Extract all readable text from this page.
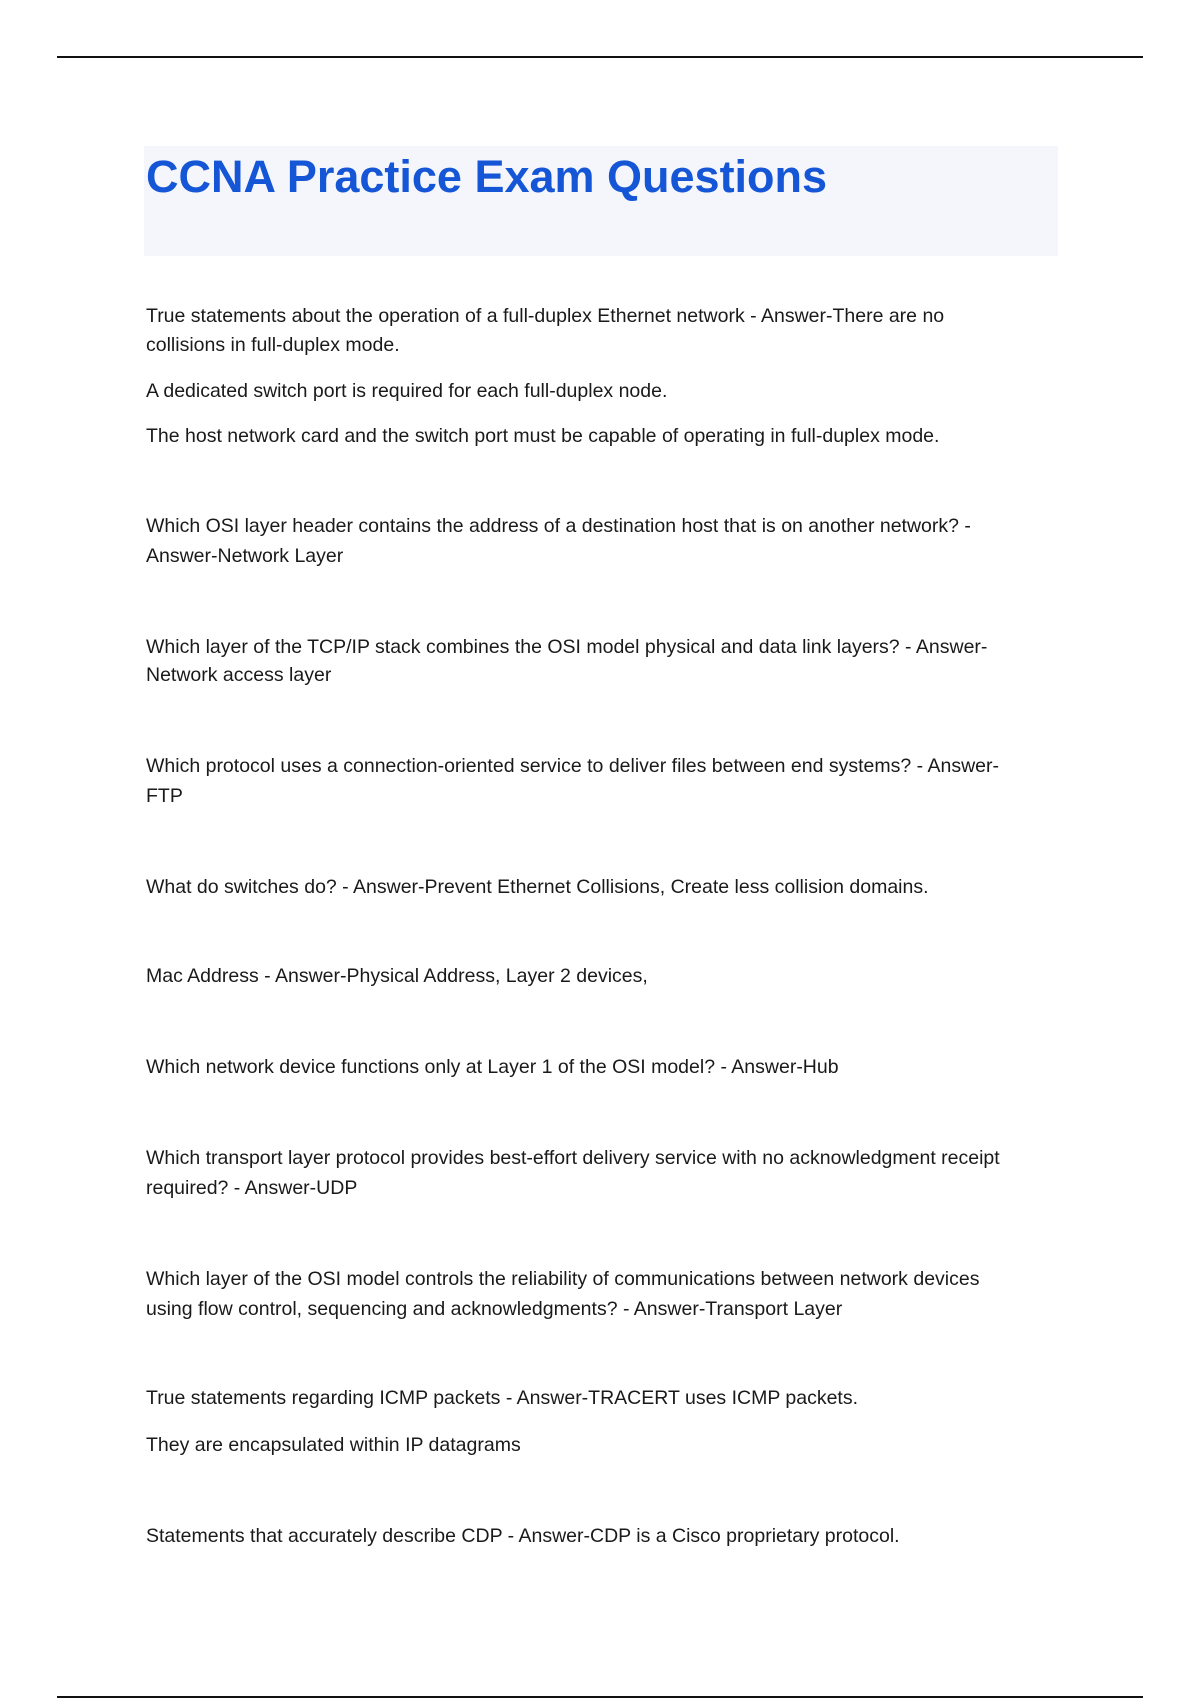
CCNA Practice Exam Questions

True statements about the operation of a full-duplex Ethernet network - Answer-There are no

collisions in full-duplex mode.

A dedicated switch port is required for each full-duplex node.

The host network card and the switch port must be capable of operating in full-duplex mode.

Which OSI layer header contains the address of a destination host that is on another network? -

Answer-Network Layer

Which layer of the TCP/IP stack combines the OSI model physical and data link layers? - Answer-

Network access layer

Which protocol uses a connection-oriented service to deliver files between end systems? - Answer-

FTP

What do switches do? - Answer-Prevent Ethernet Collisions, Create less collision domains.

Mac Address - Answer-Physical Address, Layer 2 devices,

Which network device functions only at Layer 1 of the OSI model? - Answer-Hub

Which transport layer protocol provides best-effort delivery service with no acknowledgment receipt

required? - Answer-UDP

Which layer of the OSI model controls the reliability of communications between network devices

using flow control, sequencing and acknowledgments? - Answer-Transport Layer

True statements regarding ICMP packets - Answer-TRACERT uses ICMP packets.

They are encapsulated within IP datagrams

Statements that accurately describe CDP - Answer-CDP is a Cisco proprietary protocol.
